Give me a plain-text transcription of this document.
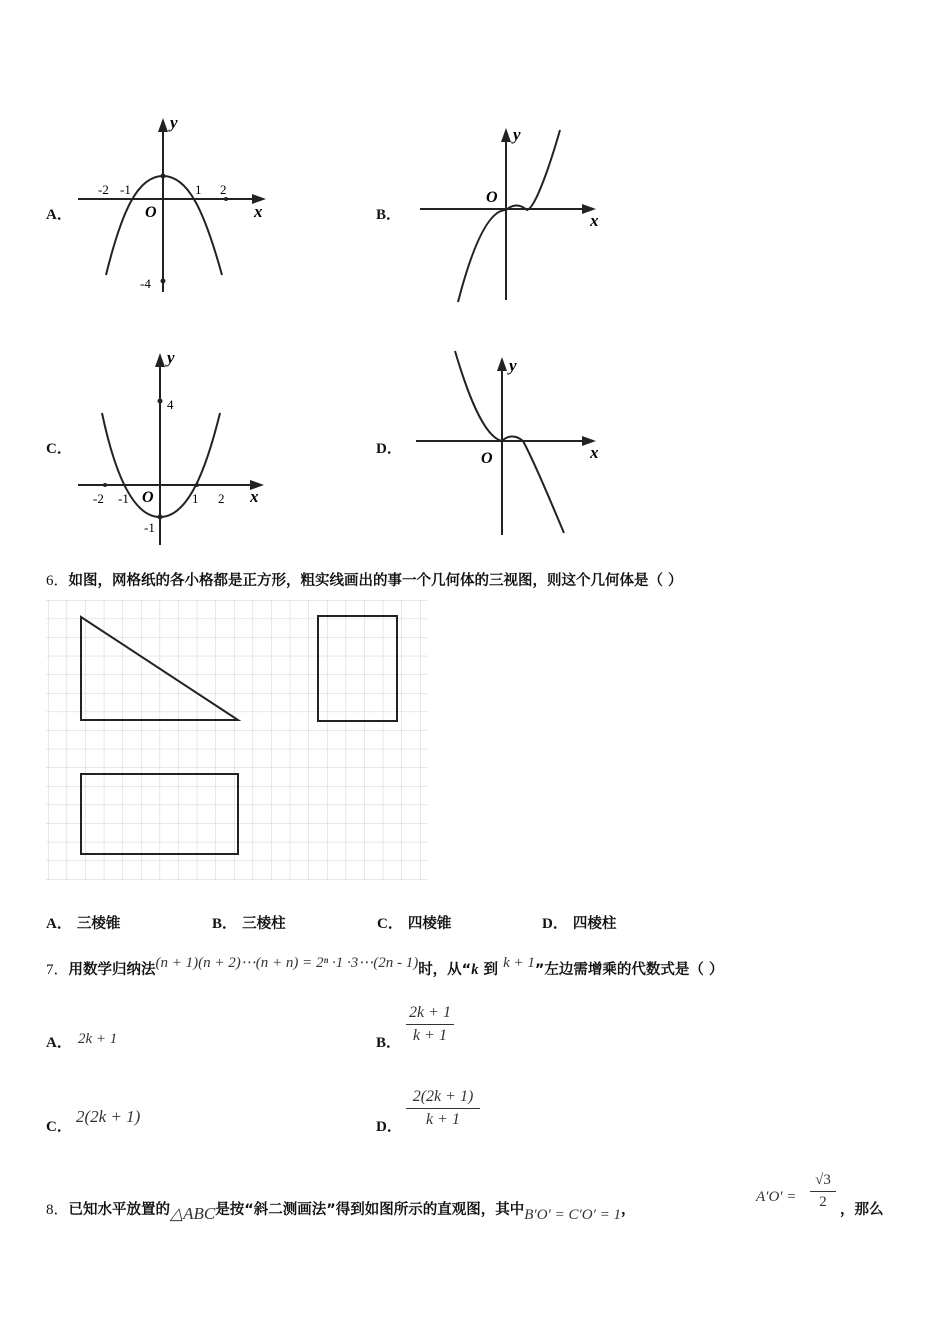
A．
y
x
O
-2 -1	1 2
-4
B．
y
x
O
C．
y
x
4
O
-2 -1	1 2
-1
D．
y
x
O
6．如图，网格纸的各小格都是正方形，粗实线画出的事一个几何体的三视图，则这个几何体是（ ）
A． 三棱锥	B． 三棱柱	C． 四棱锥	D． 四棱柱
7．用数学归纳法(n + 1)(n + 2)⋯(n + n) = 2ⁿ ·1 ·3⋯(2n - 1)时，从“k 到 k + 1”左边需增乘的代数式是（ ）
A． 2k + 1	B．
2k + 1
k + 1
C．
2(2k + 1)
D．
2(2k + 1)
k + 1
8．已知水平放置的△ABC是按“斜二测画法”得到如图所示的直观图，其中B′O′ = C′O′ = 1，
A′O′ =
√3
2 ，那么
